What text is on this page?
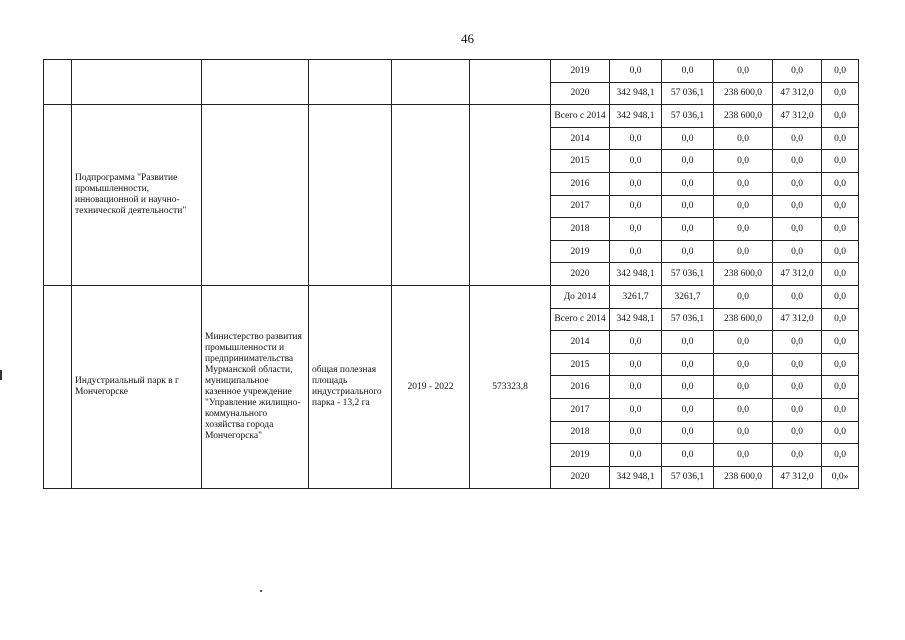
46
						2019	0,0	0,0	0,0	0,0	0,0
						2020	342 948,1	57 036,1	238 600,0	47 312,0	0,0
	Подпрограмма "Развитие промышленности, инновационной и научно-технической деятельности"					Всего с 2014	342 948,1	57 036,1	238 600,0	47 312,0	0,0
						2014	0,0	0,0	0,0	0,0	0,0
						2015	0,0	0,0	0,0	0,0	0,0
						2016	0,0	0,0	0,0	0,0	0,0
						2017	0,0	0,0	0,0	0,0	0,0
						2018	0,0	0,0	0,0	0,0	0,0
						2019	0,0	0,0	0,0	0,0	0,0
						2020	342 948,1	57 036,1	238 600,0	47 312,0	0,0
	Индустриальный парк в г Мончегорске	Министерство развития промышленности и предпринимательства Мурманской области, муниципальное казенное учреждение "Управление жилищно-коммунального хозяйства города Мончегорска"	общая полезная площадь индустриального парка - 13,2 га	2019 - 2022	573323,8	До 2014	3261,7	3261,7	0,0	0,0	0,0
						Всего с 2014	342 948,1	57 036,1	238 600,0	47 312,0	0,0
						2014	0,0	0,0	0,0	0,0	0,0
						2015	0,0	0,0	0,0	0,0	0,0
						2016	0,0	0,0	0,0	0,0	0,0
						2017	0,0	0,0	0,0	0,0	0,0
						2018	0,0	0,0	0,0	0,0	0,0
						2019	0,0	0,0	0,0	0,0	0,0
						2020	342 948,1	57 036,1	238 600,0	47 312,0	0,0»
